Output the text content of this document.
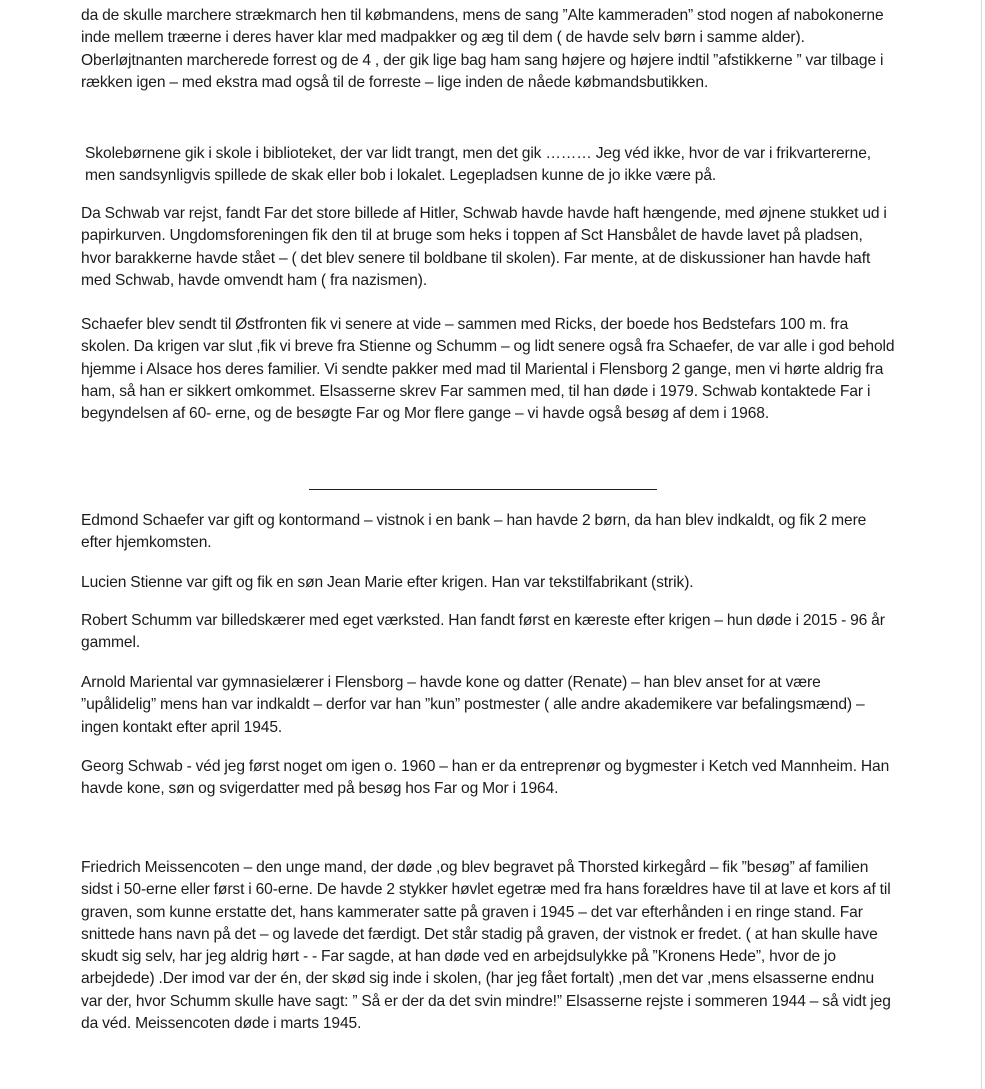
da de skulle marchere strækmarch hen til købmandens, mens de sang ”Alte kammeraden” stod nogen af nabokonerne inde mellem træerne i deres haver klar med madpakker og æg til dem ( de havde selv børn i samme alder). Oberløjtnanten marcherede forrest og de 4 , der gik lige bag ham sang højere og højere indtil ”afstikkerne ” var tilbage i rækken igen – med ekstra mad også til de forreste – lige inden de nåede købmandsbutikken.

Skolebørnene gik i skole i biblioteket, der var lidt trangt, men det gik ……… Jeg véd ikke, hvor de var i frikvartererne, men sandsynligvis spillede de skak eller bob i lokalet. Legepladsen kunne de jo ikke være på.

Da Schwab var rejst, fandt Far det store billede af Hitler, Schwab havde havde haft hængende, med øjnene stukket ud i papirkurven. Ungdomsforeningen fik den til at bruge som heks i toppen af Sct Hansbålet de havde lavet på pladsen, hvor barakkerne havde stået – ( det blev senere til boldbane til skolen). Far mente, at de diskussioner han havde haft med Schwab, havde omvendt ham ( fra nazismen).

Schaefer blev sendt til Østfronten fik vi senere at vide – sammen med Ricks, der boede hos Bedstefars 100 m. fra skolen. Da krigen var slut ,fik vi breve fra Stienne og Schumm – og lidt senere også fra Schaefer, de var alle i god behold hjemme i Alsace hos deres familier. Vi sendte pakker med mad til Mariental i Flensborg 2 gange, men vi hørte aldrig fra ham, så han er sikkert omkommet. Elsasserne skrev Far sammen med, til han døde i 1979. Schwab kontaktede Far i begyndelsen af 60- erne, og de besøgte Far og Mor flere gange – vi havde også besøg af dem i 1968.

Edmond Schaefer var gift og kontormand – vistnok i en bank – han havde 2 børn, da han blev indkaldt, og fik 2 mere efter hjemkomsten.

Lucien Stienne var gift og fik en søn Jean Marie efter krigen. Han var tekstilfabrikant (strik).

Robert Schumm var billedskærer med eget værksted. Han fandt først en kæreste efter krigen – hun døde i 2015 - 96 år gammel.

Arnold Mariental var gymnasielærer i Flensborg – havde kone og datter (Renate) – han blev anset for at være ”upålidelig” mens han var indkaldt – derfor var han ”kun” postmester ( alle andre akademikere var befalingsmænd) – ingen kontakt efter april 1945.

Georg Schwab - véd jeg først noget om igen o. 1960 – han er da entreprenør og bygmester i Ketch ved Mannheim. Han havde kone, søn og svigerdatter med på besøg hos Far og Mor i 1964.

Friedrich Meissencoten – den unge mand, der døde ,og blev begravet på Thorsted kirkegård – fik ”besøg” af familien sidst i 50-erne eller først i 60-erne. De havde 2 stykker høvlet egetræ med fra hans forældres have til at lave et kors af til graven, som kunne erstatte det, hans kammerater satte på graven i 1945 – det var efterhånden i en ringe stand. Far snittede hans navn på det – og lavede det færdigt. Det står stadig på graven, der vistnok er fredet. ( at han skulle have skudt sig selv, har jeg aldrig hørt - - Far sagde, at han døde ved en arbejdsulykke på ”Kronens Hede”, hvor de jo arbejdede) .Der imod var der én, der skød sig inde i skolen, (har jeg fået fortalt) ,men det var ,mens elsasserne endnu var der, hvor Schumm skulle have sagt: ” Så er der da det svin mindre!” Elsasserne rejste i sommeren 1944 – så vidt jeg da véd. Meissencoten døde i marts 1945.
